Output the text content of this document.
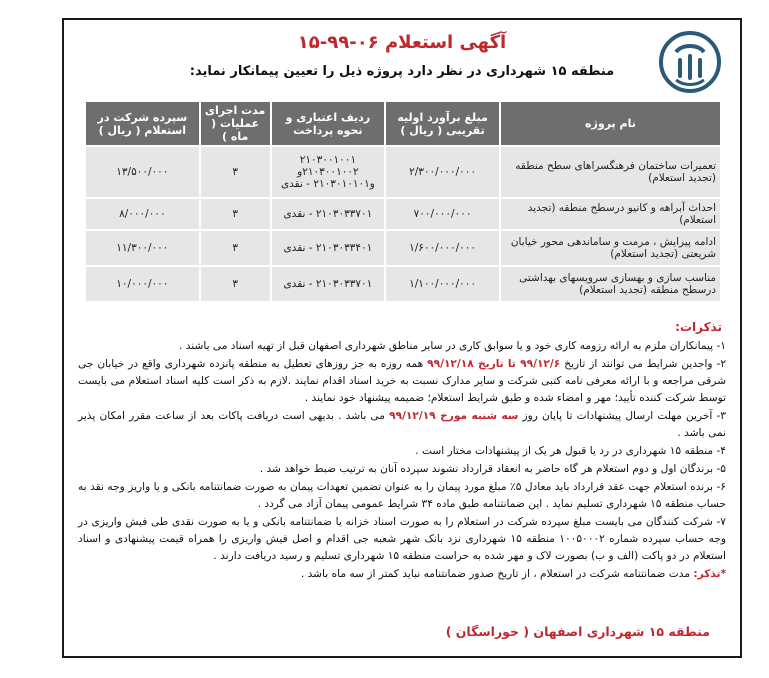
آگهی استعلام ۰۶-۹۹-۱۵
منطقه ۱۵ شهرداری در نظر دارد پروژه ذیل را تعیین پیمانکار نماید:
نام پروژه	مبلغ برآورد اولیه تقریبی ( ریال )	ردیف اعتباری و نحوه پرداخت	مدت اجرای عملیات ( ماه )	سپرده شرکت در استعلام ( ریال )
تعمیرات ساختمان فرهنگسراهای سطح منطقه (تجدید استعلام)	۲/۳۰۰/۰۰۰/۰۰۰	۲۱۰۳۰۰۱۰۰۱
۲۱۰۳۰۰۱۰۰۲و
و۲۱۰۳۰۱۰۱۰۱ - نقدی	۳	۱۳/۵۰۰/۰۰۰
احداث آبراهه و کانیو درسطح منطقه (تجدید استعلام)	۷۰۰/۰۰۰/۰۰۰	۲۱۰۳۰۳۳۷۰۱ - نقدی	۳	۸/۰۰۰/۰۰۰
ادامه پیرایش ، مرمت و ساماندهی محور خیابان شریعتی (تجدید استعلام)	۱/۶۰۰/۰۰۰/۰۰۰	۲۱۰۳۰۳۳۴۰۱ - نقدی	۳	۱۱/۳۰۰/۰۰۰
مناسب سازی و بهسازی سرویسهای بهداشتی درسطح منطقه (تجدید استعلام)	۱/۱۰۰/۰۰۰/۰۰۰	۲۱۰۳۰۳۳۷۰۱ - نقدی	۳	۱۰/۰۰۰/۰۰۰
تذکرات:

۱- پیمانکاران ملزم به ارائه رزومه کاری خود و یا سوابق کاری در سایر مناطق شهرداری اصفهان قبل از تهیه اسناد می باشند .

۲- واجدین شرایط می توانند از تاریخ ۹۹/۱۲/۶ تا تاریخ ۹۹/۱۲/۱۸ همه روزه به جز روزهای تعطیل به منطقه پانزده شهرداری واقع در خیابان جی شرقی مراجعه و با ارائه معرفی نامه کتبی شرکت و سایر مدارک نسبت به خرید اسناد اقدام نمایند .لازم به ذکر است کلیه اسناد استعلام می بایست توسط شرکت کننده تأیید؛ مهر و امضاء شده و طبق شرایط استعلام؛ ضمیمه پیشنهاد خود نمایند .

۳- آخرین مهلت ارسال پیشنهادات تا پایان روز سه شنبه مورخ ۹۹/۱۲/۱۹ می باشد . بدیهی است دریافت پاکات بعد از ساعت مقرر امکان پذیر نمی باشد .

۴- منطقه ۱۵ شهرداری در رد یا قبول هر یک از پیشنهادات مختار است .

۵- برندگان اول و دوم استعلام هر گاه حاضر به انعقاد قرارداد نشوند سپرده آنان به ترتیب ضبط خواهد شد .

۶- برنده استعلام جهت عقد قرارداد باید معادل ۵٪ مبلغ مورد پیمان را به عنوان تضمین تعهدات پیمان به صورت ضمانتنامه بانکی و یا واریز وجه نقد به حساب منطقه ۱۵ شهرداری تسلیم نماید . این ضمانتنامه طبق ماده ۳۴ شرایط عمومی پیمان آزاد می گردد .

۷- شرکت کنندگان می بایست مبلغ سپرده شرکت در استعلام را به صورت اسناد خزانه یا ضمانتنامه بانکی و یا به صورت نقدی طی فیش واریزی در وجه حساب سپرده شماره ۱۰۰۵۰۰۰۲ منطقه ۱۵ شهرداری نزد بانک شهر شعبه جی اقدام و اصل فیش واریزی را همراه قیمت پیشنهادی و اسناد استعلام در دو پاکت (الف و ب) بصورت لاک و مهر شده به حراست منطقه ۱۵ شهرداری تسلیم و رسید دریافت دارند .

*تذکر: مدت ضمانتنامه شرکت در استعلام ، از تاریخ صدور ضمانتنامه نباید کمتر از سه ماه باشد .

منطقه ۱۵ شهرداری اصفهان ( خوراسگان )
